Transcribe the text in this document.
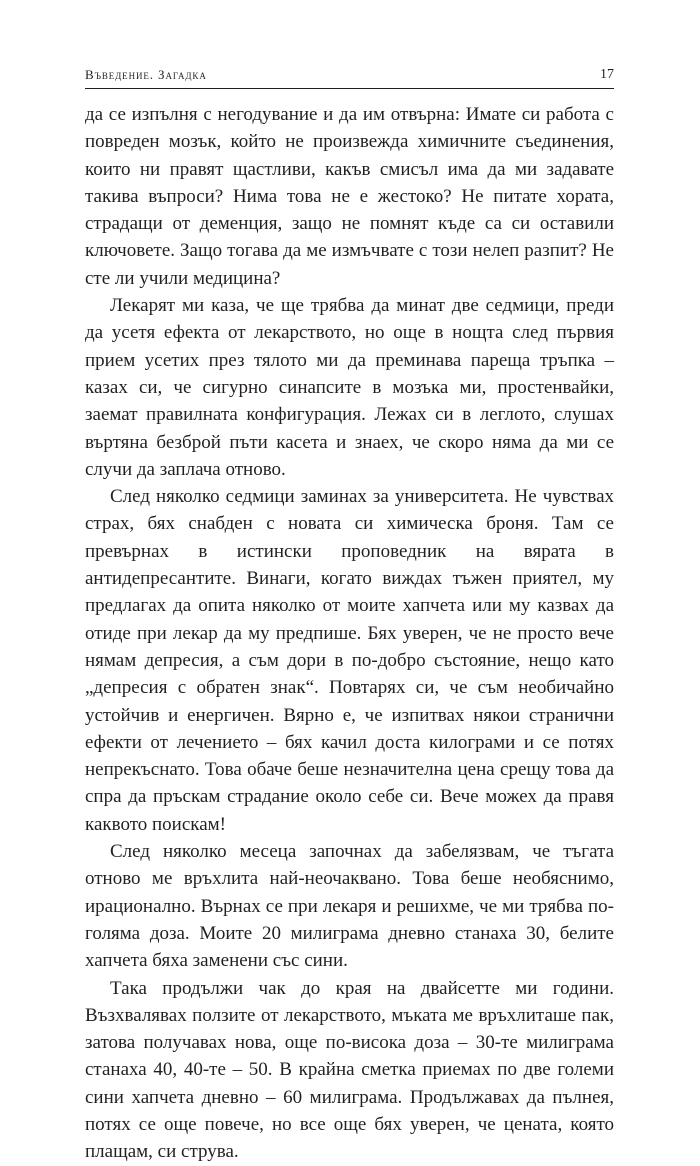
Въведение. Загадка	17

да се изпълня с негодувание и да им отвърна: Имате си работа с повреден мозък, който не произвежда химичните съединения, които ни правят щастливи, какъв смисъл има да ми задавате такива въпроси? Нима това не е жестоко? Не питате хората, страдащи от деменция, защо не помнят къде са си оставили ключовете. Защо тогава да ме измъчвате с този нелеп разпит? Не сте ли учили медицина?

Лекарят ми каза, че ще трябва да минат две седмици, преди да усетя ефекта от лекарството, но още в нощта след първия прием усетих през тялото ми да преминава пареща тръпка – казах си, че сигурно синапсите в мозъка ми, простенвайки, заемат правилната конфигурация. Лежах си в леглото, слушах въртяна безброй пъти касета и знаех, че скоро няма да ми се случи да заплача отново.

След няколко седмици заминах за университета. Не чувствах страх, бях снабден с новата си химическа броня. Там се превърнах в истински проповедник на вярата в антидепресантите. Винаги, когато виждах тъжен приятел, му предлагах да опита няколко от моите хапчета или му казвах да отиде при лекар да му предпише. Бях уверен, че не просто вече нямам депресия, а съм дори в по-добро състояние, нещо като „депресия с обратен знак“. Повтарях си, че съм необичайно устойчив и енергичен. Вярно е, че изпитвах някои странични ефекти от лечението – бях качил доста килограми и се потях непрекъснато. Това обаче беше незначителна цена срещу това да спра да пръскам страдание около себе си. Вече можех да правя каквото поискам!

След няколко месеца започнах да забелязвам, че тъгата отново ме връхлита най-неочаквано. Това беше необяснимо, ирационално. Върнах се при лекаря и решихме, че ми трябва по-голяма доза. Моите 20 милиграма дневно станаха 30, белите хапчета бяха заменени със сини.

Така продължи чак до края на двайсетте ми години. Възхвалявах ползите от лекарството, мъката ме връхлиташе пак, затова получавах нова, още по-висока доза – 30-те милиграма станаха 40, 40-те – 50. В крайна сметка приемах по две големи сини хапчета дневно – 60 милиграма. Продължавах да пълнея, потях се още повече, но все още бях уверен, че цената, която плащам, си струва.
